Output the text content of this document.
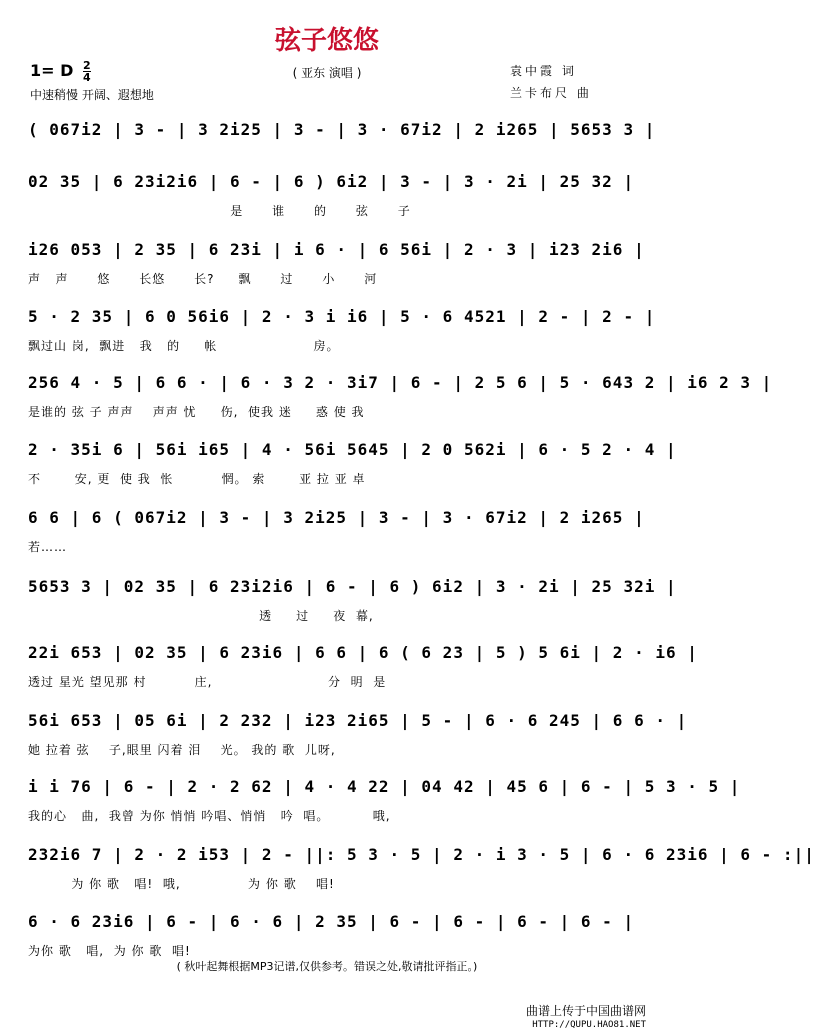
弦子悠悠
1= D $\frac{2}{4}$	( 亚东 演唱 )
中速稍慢 开阔、遐想地
袁中霞 词
兰卡布尺 曲
( 067i2 | 3 - | 3 2i25 | 3 - | 3 · 67i2 | 2 i265 | 5653 3 |
02 35 | 6 23i2i6 | 6 - | 6 ) 6i2 | 3 - | 3 · 2i | 25 32 |
是      谁      的      弦      子
i26 053 | 2 35 | 6 23i | i 6 · | 6 56i | 2 · 3 | i23 2i6 |
声   声      悠      长悠      长?     飘      过      小      河
5 · 2 35 | 6 0 56i6 | 2 · 3 i i6 | 5 · 6 4521 | 2 - | 2 - |
飘过山 岗,  飘进   我   的     帐                    房。
256 4 · 5 | 6 6 · | 6 · 3 2 · 3i7 | 6 - | 2 5 6 | 5 · 643 2 | i6 2 3 |
是谁的 弦 子 声声    声声 忧     伤,  使我 迷     惑 使 我
2 · 35i 6 | 56i i65 | 4 · 56i 5645 | 2 0 562i | 6 · 5 2 · 4 |
不       安, 更  使 我  怅          惘。 索       亚 拉 亚 卓
6 6 | 6 ( 067i2 | 3 - | 3 2i25 | 3 - | 3 · 67i2 | 2 i265 |
若……
5653 3 | 02 35 | 6 23i2i6 | 6 - | 6 ) 6i2 | 3 · 2i | 25 32i |
透     过     夜  幕,
22i 653 | 02 35 | 6 23i6 | 6 6 | 6 ( 6 23 | 5 ) 5 6i | 2 · i6 |
透过 星光 望见那 村          庄,                        分  明  是
56i 653 | 05 6i | 2 232 | i23 2i65 | 5 - | 6 · 6 245 | 6 6 · |
她 拉着 弦    子,眼里 闪着 泪    光。 我的 歌  儿呀,
i i 76 | 6 - | 2 · 2 62 | 4 · 4 22 | 04 42 | 45 6 | 6 - | 5 3 · 5 |
我的心   曲,  我曾 为你 悄悄 吟唱、悄悄   吟  唱。         哦,
232i6 7 | 2 · 2 i53 | 2 - ||: 5 3 · 5 | 2 · i 3 · 5 | 6 · 6 23i6 | 6 - :||
为 你 歌   唱!  哦,              为 你 歌    唱!
6 · 6 23i6 | 6 - | 6 · 6 | 2 35 | 6 - | 6 - | 6 - | 6 - |
为你 歌   唱,  为 你 歌  唱!
( 秋叶起舞根据MP3记谱,仅供参考。错误之处,敬请批评指正。)
曲谱上传于中国曲谱网
HTTP://QUPU.HAO81.NET
